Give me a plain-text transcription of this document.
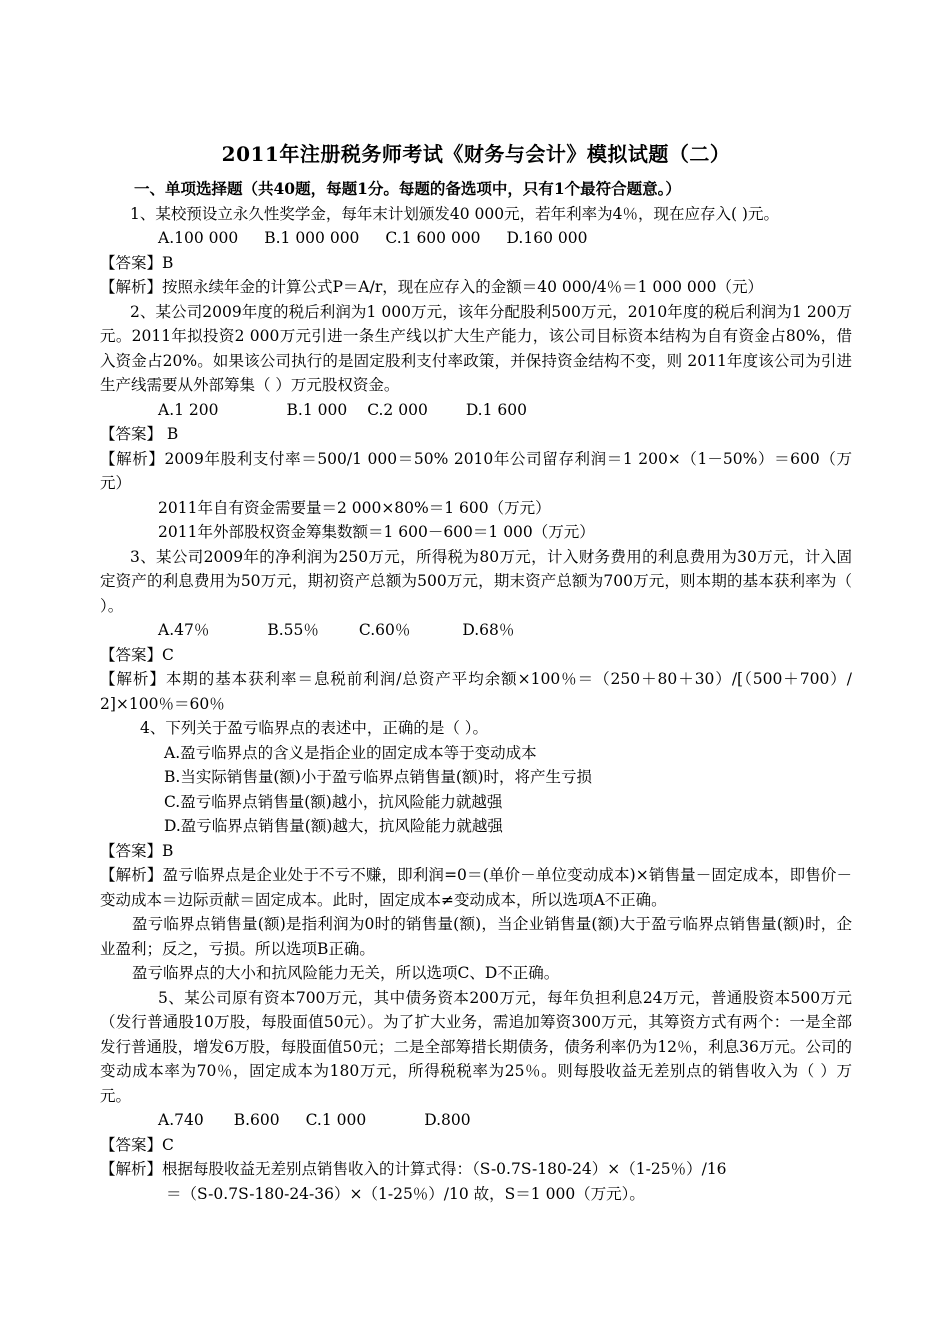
2011年注册税务师考试《财务与会计》模拟试题（二）
一、单项选择题（共40题，每题1分。每题的备选项中，只有1个最符合题意。）
1、某校预设立永久性奖学金，每年末计划颁发40 000元，若年利率为4％，现在应存入( )元。
A.100 000 B.1 000 000 C.1 600 000 D.160 000
【答案】B
【解析】按照永续年金的计算公式P＝A/r，现在应存入的金额＝40 000/4％＝1 000 000（元）
2、某公司2009年度的税后利润为1 000万元，该年分配股利500万元，2010年度的税后利润为1 200万元。2011年拟投资2 000万元引进一条生产线以扩大生产能力，该公司目标资本结构为自有资金占80%，借入资金占20%。如果该公司执行的是固定股利支付率政策，并保持资金结构不变，则 2011年度该公司为引进生产线需要从外部筹集（ ）万元股权资金。
A.1 200	B.1 000 C.2 000 D.1 600
【答案】 B
【解析】2009年股利支付率＝500/1 000＝50% 2010年公司留存利润＝1 200×（1－50%）＝600（万元）
2011年自有资金需要量＝2 000×80%＝1 600（万元）
2011年外部股权资金筹集数额＝1 600－600＝1 000（万元）
3、某公司2009年的净利润为250万元，所得税为80万元，计入财务费用的利息费用为30万元，计入固定资产的利息费用为50万元，期初资产总额为500万元，期末资产总额为700万元，则本期的基本获利率为（ ）。
A.47％	B.55％	C.60％	D.68％
【答案】C
【解析】本期的基本获利率＝息税前利润/总资产平均余额×100％＝（250＋80＋30）/[（500＋700）/ 2]×100％＝60％
4、下列关于盈亏临界点的表述中，正确的是（ ）。
A.盈亏临界点的含义是指企业的固定成本等于变动成本
B.当实际销售量(额)小于盈亏临界点销售量(额)时，将产生亏损
C.盈亏临界点销售量(额)越小，抗风险能力就越强
D.盈亏临界点销售量(额)越大，抗风险能力就越强
【答案】B
【解析】盈亏临界点是企业处于不亏不赚，即利润=0＝(单价－单位变动成本)×销售量－固定成本，即售价－变动成本＝边际贡献＝固定成本。此时，固定成本≠变动成本，所以选项A不正确。
盈亏临界点销售量(额)是指利润为0时的销售量(额)，当企业销售量(额)大于盈亏临界点销售量(额)时，企业盈利；反之，亏损。所以选项B正确。
盈亏临界点的大小和抗风险能力无关，所以选项C、D不正确。
5、某公司原有资本700万元，其中债务资本200万元，每年负担利息24万元，普通股资本500万元（发行普通股10万股，每股面值50元）。为了扩大业务，需追加筹资300万元，其筹资方式有两个：一是全部发行普通股，增发6万股，每股面值50元；二是全部筹措长期债务，债务利率仍为12％，利息36万元。公司的变动成本率为70％，固定成本为180万元，所得税税率为25％。则每股收益无差别点的销售收入为（ ）万元。
A.740 B.600 C.1 000	D.800
【答案】C
【解析】根据每股收益无差别点销售收入的计算式得：（S-0.7S-180-24）×（1-25％）/16
＝（S-0.7S-180-24-36）×（1-25％）/10 故，S＝1 000（万元）。
